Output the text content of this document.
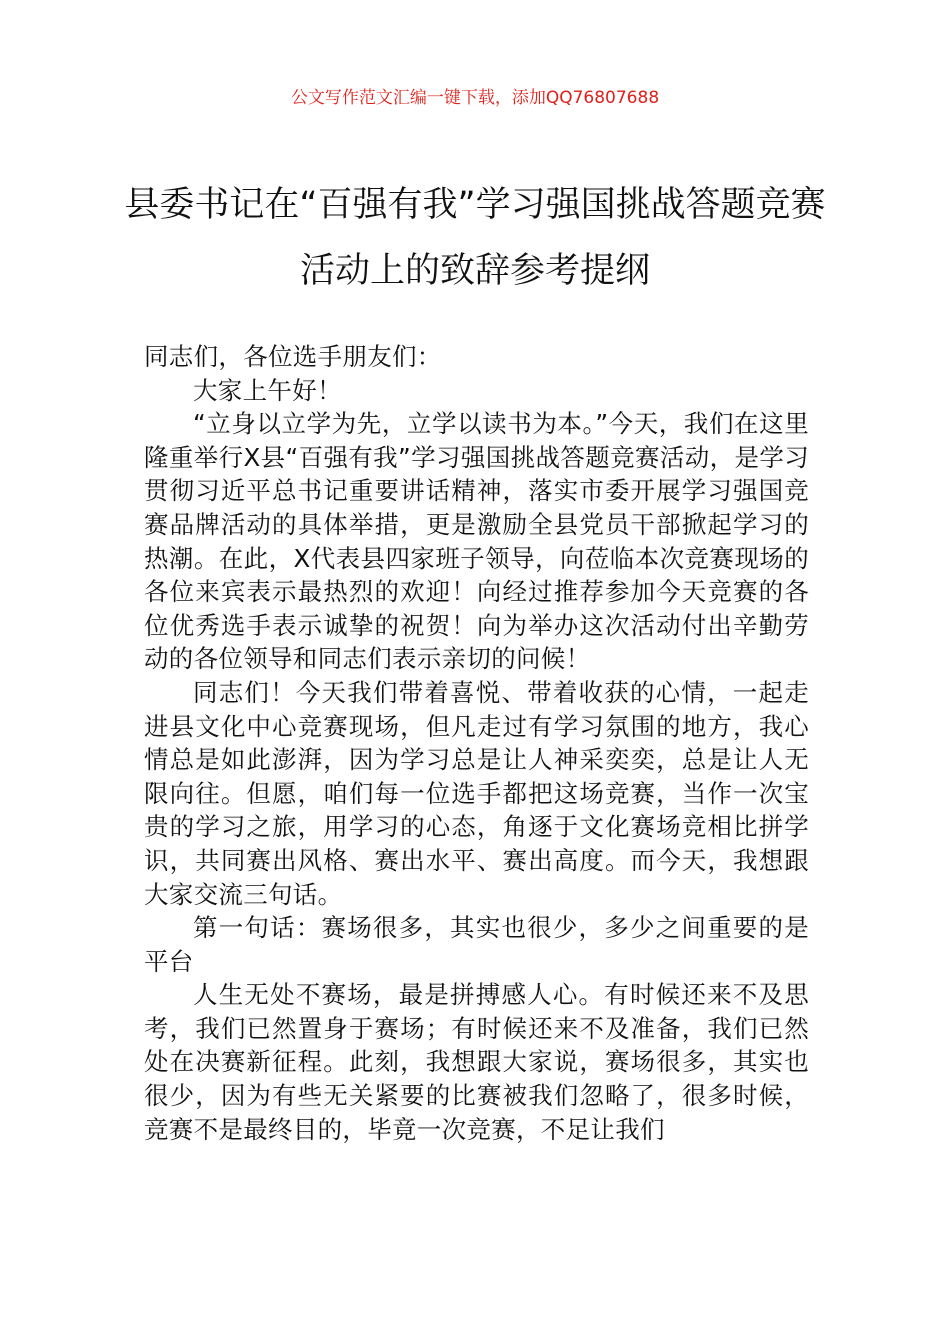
公文写作范文汇编一键下载，添加QQ76807688
县委书记在“百强有我”学习强国挑战答题竞赛活动上的致辞参考提纲

同志们，各位选手朋友们：

大家上午好！

“立身以立学为先，立学以读书为本。”今天，我们在这里隆重举行X县“百强有我”学习强国挑战答题竞赛活动，是学习贯彻习近平总书记重要讲话精神，落实市委开展学习强国竞赛品牌活动的具体举措，更是激励全县党员干部掀起学习的热潮。在此，X代表县四家班子领导，向莅临本次竞赛现场的各位来宾表示最热烈的欢迎！向经过推荐参加今天竞赛的各位优秀选手表示诚挚的祝贺！向为举办这次活动付出辛勤劳动的各位领导和同志们表示亲切的问候！

同志们！今天我们带着喜悦、带着收获的心情，一起走进县文化中心竞赛现场，但凡走过有学习氛围的地方，我心情总是如此澎湃，因为学习总是让人神采奕奕，总是让人无限向往。但愿，咱们每一位选手都把这场竞赛，当作一次宝贵的学习之旅，用学习的心态，角逐于文化赛场竞相比拼学识，共同赛出风格、赛出水平、赛出高度。而今天，我想跟大家交流三句话。

第一句话：赛场很多，其实也很少，多少之间重要的是平台

人生无处不赛场，最是拼搏感人心。有时候还来不及思考，我们已然置身于赛场；有时候还来不及准备，我们已然处在决赛新征程。此刻，我想跟大家说，赛场很多，其实也很少，因为有些无关紧要的比赛被我们忽略了，很多时候，竞赛不是最终目的，毕竟一次竞赛，不足让我们
